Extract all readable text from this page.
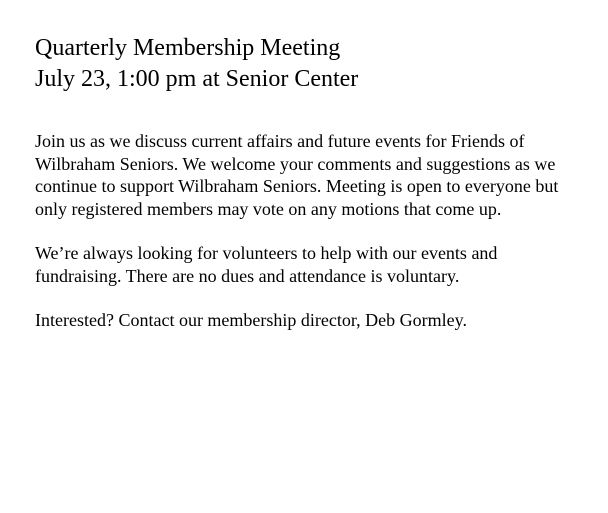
Quarterly Membership Meeting
July 23, 1:00 pm at Senior Center

Join us as we discuss current affairs and future events for Friends of Wilbraham Seniors. We welcome your comments and suggestions as we continue to support Wilbraham Seniors. Meeting is open to everyone but only registered members may vote on any motions that come up.

We’re always looking for volunteers to help with our events and fundraising. There are no dues and attendance is voluntary.

Interested? Contact our membership director, Deb Gormley.
